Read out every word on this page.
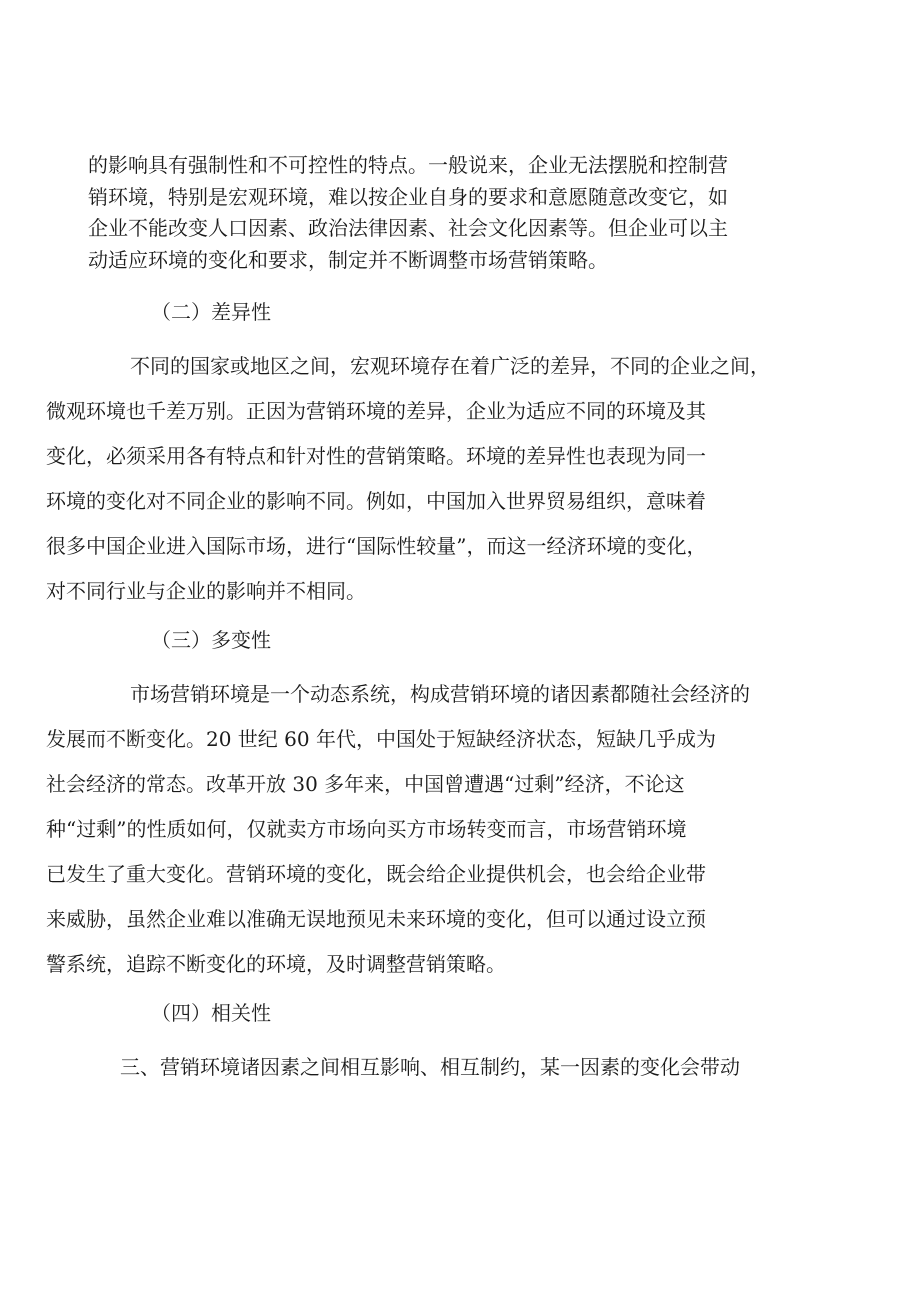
的影响具有强制性和不可控性的特点。一般说来，企业无法摆脱和控制营
销环境，特别是宏观环境，难以按企业自身的要求和意愿随意改变它，如
企业不能改变人口因素、政治法律因素、社会文化因素等。但企业可以主
动适应环境的变化和要求，制定并不断调整市场营销策略。

（二）差异性

不同的国家或地区之间，宏观环境存在着广泛的差异，不同的企业之间，
微观环境也千差万别。正因为营销环境的差异，企业为适应不同的环境及其
变化，必须采用各有特点和针对性的营销策略。环境的差异性也表现为同一
环境的变化对不同企业的影响不同。例如，中国加入世界贸易组织，意味着
很多中国企业进入国际市场，进行“国际性较量”，而这一经济环境的变化，
对不同行业与企业的影响并不相同。

（三）多变性

市场营销环境是一个动态系统，构成营销环境的诸因素都随社会经济的
发展而不断变化。20 世纪 60 年代，中国处于短缺经济状态，短缺几乎成为
社会经济的常态。改革开放 30 多年来，中国曾遭遇“过剩”经济，不论这
种“过剩”的性质如何，仅就卖方市场向买方市场转变而言，市场营销环境
已发生了重大变化。营销环境的变化，既会给企业提供机会，也会给企业带
来威胁，虽然企业难以准确无误地预见未来环境的变化，但可以通过设立预
警系统，追踪不断变化的环境，及时调整营销策略。

（四）相关性

三、营销环境诸因素之间相互影响、相互制约，某一因素的变化会带动
